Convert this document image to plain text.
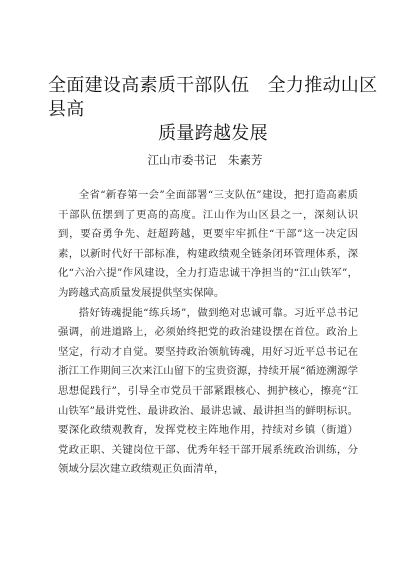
全面建设高素质干部队伍　全力推动山区县高
质量跨越发展
江山市委书记　朱素芳

全省“新春第一会”全面部署“三支队伍”建设，把打造高素质干部队伍摆到了更高的高度。江山作为山区县之一，深刻认识到，要奋勇争先、赶超跨越，更要牢牢抓住“干部”这一决定因素，以新时代好干部标准，构建政绩观全链条闭环管理体系，深化“六治六提”作风建设，全力打造忠诚干净担当的“江山铁军”，为跨越式高质量发展提供坚实保障。

搭好铸魂提能“练兵场”，做到绝对忠诚可靠。习近平总书记强调，前进道路上，必须始终把党的政治建设摆在首位。政治上坚定，行动才自觉。要坚持政治领航铸魂，用好习近平总书记在浙江工作期间三次来江山留下的宝贵资源，持续开展“循迹溯源学思想促践行”，引导全市党员干部紧跟核心、拥护核心，擦亮“江山铁军”最讲党性、最讲政治、最讲忠诚、最讲担当的鲜明标识。要深化政绩观教育，发挥党校主阵地作用，持续对乡镇（街道）党政正职、关键岗位干部、优秀年轻干部开展系统政治训练，分领域分层次建立政绩观正负面清单，
